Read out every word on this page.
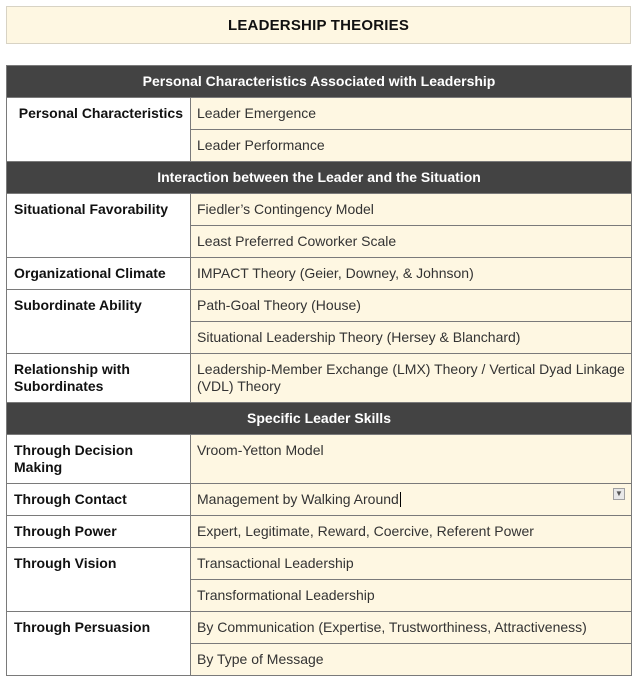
LEADERSHIP THEORIES
Personal Characteristics Associated with Leadership	
Personal Characteristics	Leader Emergence
	Leader Performance
Interaction between the Leader and the Situation	
Situational Favorability	Fiedler’s Contingency Model
	Least Preferred Coworker Scale
Organizational Climate	IMPACT Theory (Geier, Downey, & Johnson)
Subordinate Ability	Path-Goal Theory (House)
	Situational Leadership Theory (Hersey & Blanchard)
Relationship with Subordinates	Leadership-Member Exchange (LMX) Theory / Vertical Dyad Linkage (VDL) Theory
Specific Leader Skills	
Through Decision Making	Vroom-Yetton Model
Through Contact	Management by Walking Around ▼

Through Power	Expert, Legitimate, Reward, Coercive, Referent Power
Through Vision	Transactional Leadership
	Transformational Leadership
Through Persuasion	By Communication (Expertise, Trustworthiness, Attractiveness)
	By Type of Message
